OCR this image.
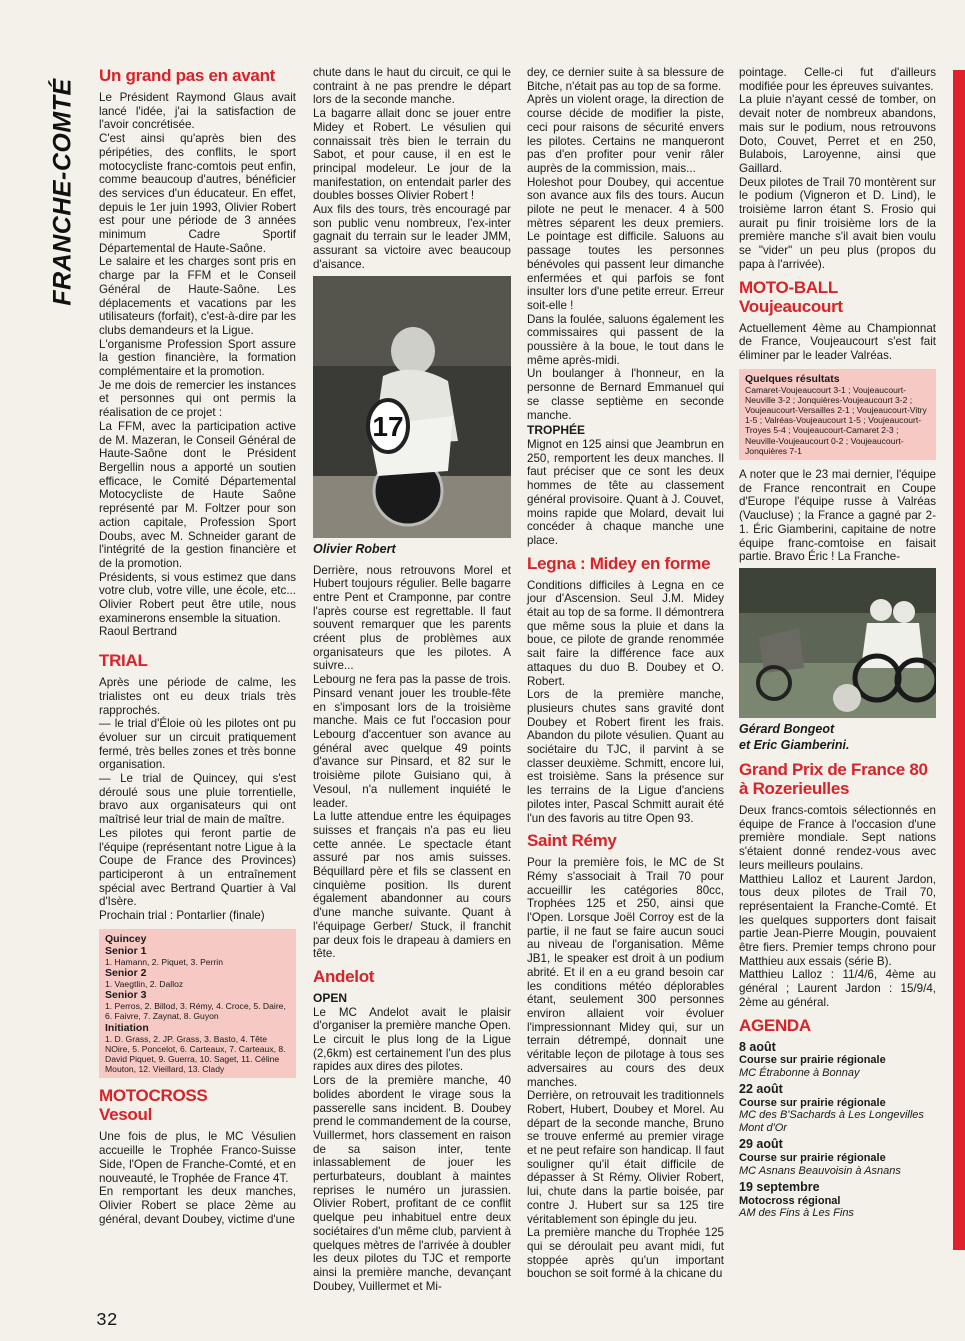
FRANCHE-COMTÉ
Un grand pas en avant

Le Président Raymond Glaus avait lancé l'idée, j'ai la satisfaction de l'avoir concrétisée.

C'est ainsi qu'après bien des péripéties, des conflits, le sport motocycliste franc-comtois peut enfin, comme beaucoup d'autres, bénéficier des services d'un éducateur. En effet, depuis le 1er juin 1993, Olivier Robert est pour une période de 3 années minimum Cadre Sportif Départemental de Haute-Saône.

Le salaire et les charges sont pris en charge par la FFM et le Conseil Général de Haute-Saône. Les déplacements et vacations par les utilisateurs (forfait), c'est-à-dire par les clubs demandeurs et la Ligue.

L'organisme Profession Sport assure la gestion financière, la formation complémentaire et la promotion.

Je me dois de remercier les instances et personnes qui ont permis la réalisation de ce projet :

La FFM, avec la participation active de M. Mazeran, le Conseil Général de Haute-Saône dont le Président Bergellin nous a apporté un soutien efficace, le Comité Départemental Motocycliste de Haute Saône représenté par M. Foltzer pour son action capitale, Profession Sport Doubs, avec M. Schneider garant de l'intégrité de la gestion financière et de la promotion.

Présidents, si vous estimez que dans votre club, votre ville, une école, etc... Olivier Robert peut être utile, nous examinerons ensemble la situation.

Raoul Bertrand

TRIAL

Après une période de calme, les trialistes ont eu deux trials très rapprochés.

— le trial d'Éloie où les pilotes ont pu évoluer sur un circuit pratiquement fermé, très belles zones et très bonne organisation.

— Le trial de Quincey, qui s'est déroulé sous une pluie torrentielle, bravo aux organisateurs qui ont maîtrisé leur trial de main de maître.

Les pilotes qui feront partie de l'équipe (représentant notre Ligue à la Coupe de France des Provinces) participeront à un entraînement spécial avec Bertrand Quartier à Val d'Isère.

Prochain trial : Pontarlier (finale)

Quincey
Senior 1
1. Hamann, 2. Piquet, 3. Perrin
Senior 2
1. Vaegtlin, 2. Dalloz
Senior 3
1. Perros, 2. Billod, 3. Rémy, 4. Croce, 5. Daire, 6. Faivre, 7. Zaynat, 8. Guyon
Initiation
1. D. Grass, 2. JP. Grass, 3. Basto, 4. Tête NOire, 5. Poncelot, 6. Carteaux, 7. Carteaux, 8. David Piquet, 9. Guerra, 10. Saget, 11. Céline Mouton, 12. Vieillard, 13. Clady
MOTOCROSS
Vesoul

Une fois de plus, le MC Vésulien accueille le Trophée Franco-Suisse Side, l'Open de Franche-Comté, et en nouveauté, le Trophée de France 4T.

En remportant les deux manches, Olivier Robert se place 2ème au général, devant Doubey, victime d'une

chute dans le haut du circuit, ce qui le contraint à ne pas prendre le départ lors de la seconde manche.

La bagarre allait donc se jouer entre Midey et Robert. Le vésulien qui connaissait très bien le terrain du Sabot, et pour cause, il en est le principal modeleur. Le jour de la manifestation, on entendait parler des doubles bosses Olivier Robert !

Aux fils des tours, très encouragé par son public venu nombreux, l'ex-inter gagnait du terrain sur le leader JMM, assurant sa victoire avec beaucoup d'aisance.

17
Olivier Robert

Derrière, nous retrouvons Morel et Hubert toujours régulier. Belle bagarre entre Pent et Cramponne, par contre l'après course est regrettable. Il faut souvent remarquer que les parents créent plus de problèmes aux organisateurs que les pilotes. A suivre...

Lebourg ne fera pas la passe de trois. Pinsard venant jouer les trouble-fête en s'imposant lors de la troisième manche. Mais ce fut l'occasion pour Lebourg d'accentuer son avance au général avec quelque 49 points d'avance sur Pinsard, et 82 sur le troisième pilote Guisiano qui, à Vesoul, n'a nullement inquiété le leader.

La lutte attendue entre les équipages suisses et français n'a pas eu lieu cette année. Le spectacle étant assuré par nos amis suisses. Béquillard père et fils se classent en cinquième position. Ils durent également abandonner au cours d'une manche suivante. Quant à l'équipage Gerber/ Stuck, il franchit par deux fois le drapeau à damiers en tête.

Andelot
OPEN

Le MC Andelot avait le plaisir d'organiser la première manche Open. Le circuit le plus long de la Ligue (2,6km) est certainement l'un des plus rapides aux dires des pilotes.

Lors de la première manche, 40 bolides abordent le virage sous la passerelle sans incident. B. Doubey prend le commandement de la course, Vuillermet, hors classement en raison de sa saison inter, tente inlassablement de jouer les perturbateurs, doublant à maintes reprises le numéro un jurassien. Olivier Robert, profitant de ce conflit quelque peu inhabituel entre deux sociétaires d'un même club, parvient à quelques mètres de l'arrivée à doubler les deux pilotes du TJC et remporte ainsi la première manche, devançant Doubey, Vuillermet et Mi-

dey, ce dernier suite à sa blessure de Bitche, n'était pas au top de sa forme.

Après un violent orage, la direction de course décide de modifier la piste, ceci pour raisons de sécurité envers les pilotes. Certains ne manqueront pas d'en profiter pour venir râler auprès de la commission, mais...

Holeshot pour Doubey, qui accentue son avance aux fils des tours. Aucun pilote ne peut le menacer. 4 à 500 mètres séparent les deux premiers. Le pointage est difficile. Saluons au passage toutes les personnes bénévoles qui passent leur dimanche enfermées et qui parfois se font insulter lors d'une petite erreur. Erreur soit-elle !

Dans la foulée, saluons également les commissaires qui passent de la poussière à la boue, le tout dans le même après-midi.

Un boulanger à l'honneur, en la personne de Bernard Emmanuel qui se classe septième en seconde manche.

TROPHÉE

Mignot en 125 ainsi que Jeambrun en 250, remportent les deux manches. Il faut préciser que ce sont les deux hommes de tête au classement général provisoire. Quant à J. Couvet, moins rapide que Molard, devait lui concéder à chaque manche une place.

Legna : Midey en forme

Conditions difficiles à Legna en ce jour d'Ascension. Seul J.M. Midey était au top de sa forme. Il démontrera que même sous la pluie et dans la boue, ce pilote de grande renommée sait faire la différence face aux attaques du duo B. Doubey et O. Robert.

Lors de la première manche, plusieurs chutes sans gravité dont Doubey et Robert firent les frais. Abandon du pilote vésulien. Quant au sociétaire du TJC, il parvint à se classer deuxième. Schmitt, encore lui, est troisième. Sans la présence sur les terrains de la Ligue d'anciens pilotes inter, Pascal Schmitt aurait été l'un des favoris au titre Open 93.

Saint Rémy

Pour la première fois, le MC de St Rémy s'associait à Trail 70 pour accueillir les catégories 80cc, Trophées 125 et 250, ainsi que l'Open. Lorsque Joël Corroy est de la partie, il ne faut se faire aucun souci au niveau de l'organisation. Même JB1, le speaker est droit à un podium abrité. Et il en a eu grand besoin car les conditions météo déplorables étant, seulement 300 personnes environ allaient voir évoluer l'impressionnant Midey qui, sur un terrain détrempé, donnait une véritable leçon de pilotage à tous ses adversaires au cours des deux manches.

Derrière, on retrouvait les traditionnels Robert, Hubert, Doubey et Morel. Au départ de la seconde manche, Bruno se trouve enfermé au premier virage et ne peut refaire son handicap. Il faut souligner qu'il était difficile de dépasser à St Rémy. Olivier Robert, lui, chute dans la partie boisée, par contre J. Hubert sur sa 125 tire véritablement son épingle du jeu.

La première manche du Trophée 125 qui se déroulait peu avant midi, fut stoppée après qu'un important bouchon se soit formé à la chicane du

pointage. Celle-ci fut d'ailleurs modifiée pour les épreuves suivantes.

La pluie n'ayant cessé de tomber, on devait noter de nombreux abandons, mais sur le podium, nous retrouvons Doto, Couvet, Perret et en 250, Bulabois, Laroyenne, ainsi que Gaillard.

Deux pilotes de Trail 70 montèrent sur le podium (Vigneron et D. Lind), le troisième larron étant S. Frosio qui aurait pu finir troisième lors de la première manche s'il avait bien voulu se "vider" un peu plus (propos du papa à l'arrivée).

MOTO-BALL
Voujeaucourt

Actuellement 4ème au Championnat de France, Voujeaucourt s'est fait éliminer par le leader Valréas.

Quelques résultats
Camaret-Voujeaucourt 3-1 ; Voujeaucourt-Neuville 3-2 ; Jonquières-Voujeaucourt 3-2 ; Voujeaucourt-Versailles 2-1 ; Voujeaucourt-Vitry 1-5 ; Valréas-Voujeaucourt 1-5 ; Voujeaucourt-Troyes 5-4 ; Voujeaucourt-Camaret 2-3 ; Neuville-Voujeaucourt 0-2 ; Voujeaucourt-Jonquières 7-1

A noter que le 23 mai dernier, l'équipe de France rencontrait en Coupe d'Europe l'équipe russe à Valréas (Vaucluse) ; la France a gagné par 2-1. Éric Giamberini, capitaine de notre équipe franc-comtoise en faisait partie. Bravo Éric ! La Franche-

Gérard Bongeot
et Eric Giamberini.
Grand Prix de France 80 à Rozerieulles

Deux francs-comtois sélectionnés en équipe de France à l'occasion d'une première mondiale. Sept nations s'étaient donné rendez-vous avec leurs meilleurs poulains.

Matthieu Lalloz et Laurent Jardon, tous deux pilotes de Trail 70, représentaient la Franche-Comté. Et les quelques supporters dont faisait partie Jean-Pierre Mougin, pouvaient être fiers. Premier temps chrono pour Matthieu aux essais (série B).

Matthieu Lalloz : 11/4/6, 4ème au général ; Laurent Jardon : 15/9/4, 2ème au général.

AGENDA
8 août
Course sur prairie régionale
MC Étrabonne à Bonnay
22 août
Course sur prairie régionale
MC des B'Sachards à Les Longevilles Mont d'Or
29 août
Course sur prairie régionale
MC Asnans Beauvoisin à Asnans
19 septembre
Motocross régional
AM des Fins à Les Fins
32
